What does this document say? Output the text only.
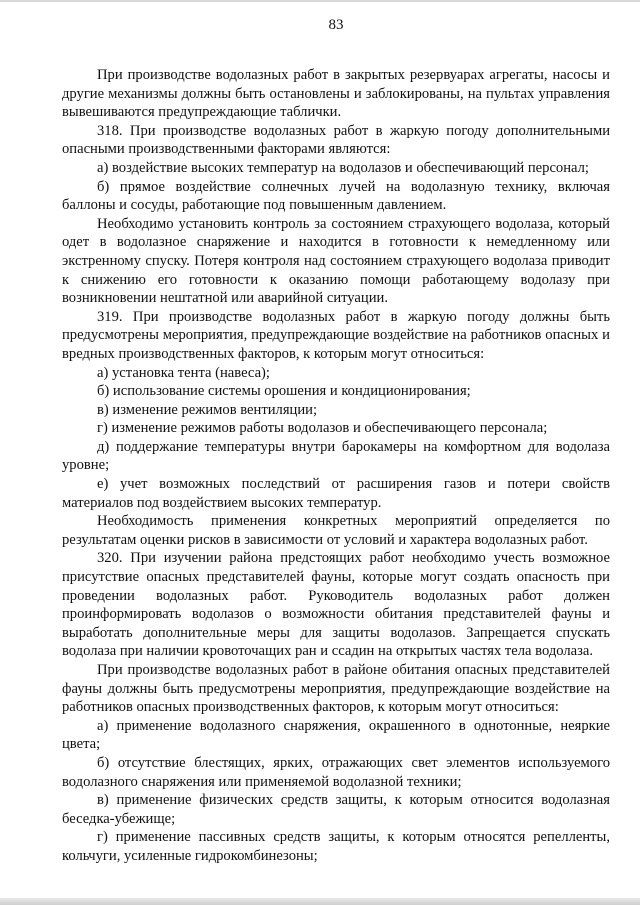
83

При производстве водолазных работ в закрытых резервуарах агрегаты, насосы и другие механизмы должны быть остановлены и заблокированы, на пультах управления вывешиваются предупреждающие таблички.

318. При производстве водолазных работ в жаркую погоду дополнительными опасными производственными факторами являются:

а) воздействие высоких температур на водолазов и обеспечивающий персонал;

б) прямое воздействие солнечных лучей на водолазную технику, включая баллоны и сосуды, работающие под повышенным давлением.

Необходимо установить контроль за состоянием страхующего водолаза, который одет в водолазное снаряжение и находится в готовности к немедленному или экстренному спуску. Потеря контроля над состоянием страхующего водолаза приводит к снижению его готовности к оказанию помощи работающему водолазу при возникновении нештатной или аварийной ситуации.

319. При производстве водолазных работ в жаркую погоду должны быть предусмотрены мероприятия, предупреждающие воздействие на работников опасных и вредных производственных факторов, к которым могут относиться:

а) установка тента (навеса);

б) использование системы орошения и кондиционирования;

в) изменение режимов вентиляции;

г) изменение режимов работы водолазов и обеспечивающего персонала;

д) поддержание температуры внутри барокамеры на комфортном для водолаза уровне;

е) учет возможных последствий от расширения газов и потери свойств материалов под воздействием высоких температур.

Необходимость применения конкретных мероприятий определяется по результатам оценки рисков в зависимости от условий и характера водолазных работ.

320. При изучении района предстоящих работ необходимо учесть возможное присутствие опасных представителей фауны, которые могут создать опасность при проведении водолазных работ. Руководитель водолазных работ должен проинформировать водолазов о возможности обитания представителей фауны и выработать дополнительные меры для защиты водолазов. Запрещается спускать водолаза при наличии кровоточащих ран и ссадин на открытых частях тела водолаза.

При производстве водолазных работ в районе обитания опасных представителей фауны должны быть предусмотрены мероприятия, предупреждающие воздействие на работников опасных производственных факторов, к которым могут относиться:

а) применение водолазного снаряжения, окрашенного в однотонные, неяркие цвета;

б) отсутствие блестящих, ярких, отражающих свет элементов используемого водолазного снаряжения или применяемой водолазной техники;

в) применение физических средств защиты, к которым относится водолазная беседка-убежище;

г) применение пассивных средств защиты, к которым относятся репелленты, кольчуги, усиленные гидрокомбинезоны;
